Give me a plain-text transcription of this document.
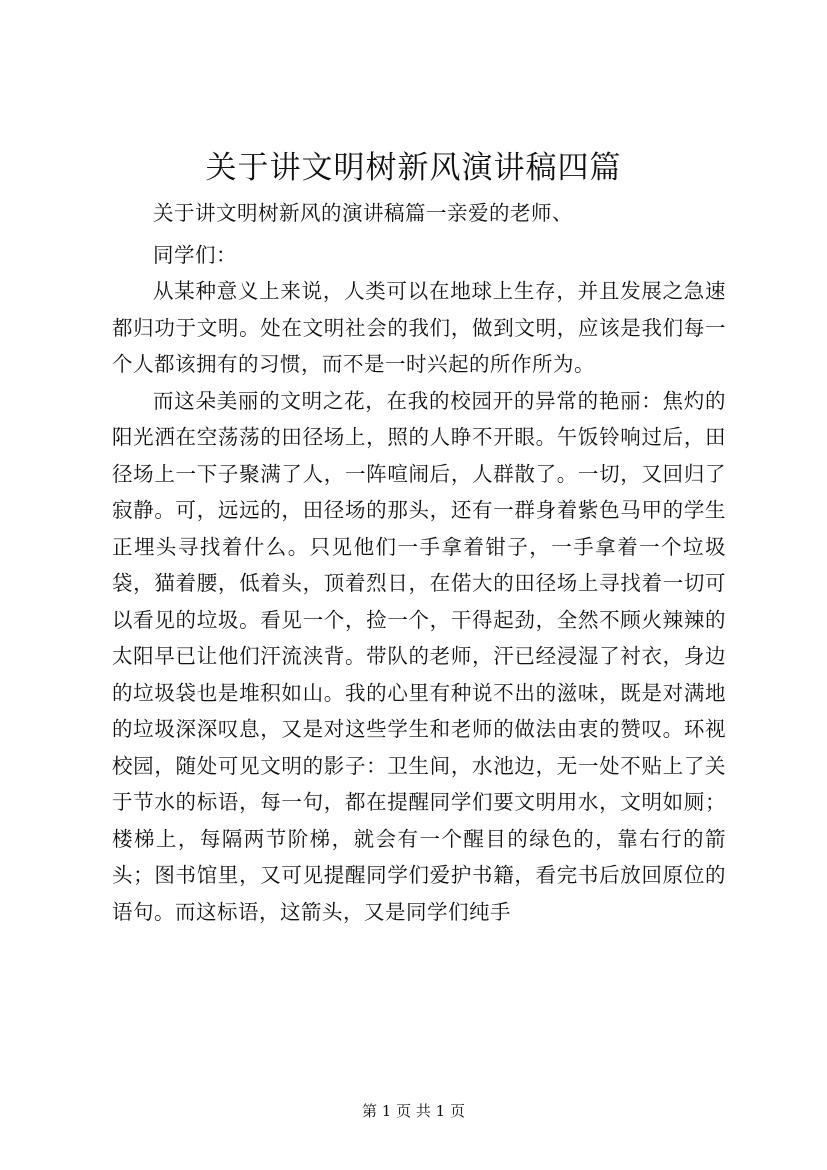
关于讲文明树新风演讲稿四篇

关于讲文明树新风的演讲稿篇一亲爱的老师、

同学们：

从某种意义上来说，人类可以在地球上生存，并且发展之急速都归功于文明。处在文明社会的我们，做到文明，应该是我们每一个人都该拥有的习惯，而不是一时兴起的所作所为。

而这朵美丽的文明之花，在我的校园开的异常的艳丽：焦灼的阳光洒在空荡荡的田径场上，照的人睁不开眼。午饭铃响过后，田径场上一下子聚满了人，一阵喧闹后，人群散了。一切，又回归了寂静。可，远远的，田径场的那头，还有一群身着紫色马甲的学生正埋头寻找着什么。只见他们一手拿着钳子，一手拿着一个垃圾袋，猫着腰，低着头，顶着烈日，在偌大的田径场上寻找着一切可以看见的垃圾。看见一个，捡一个，干得起劲，全然不顾火辣辣的太阳早已让他们汗流浃背。带队的老师，汗已经浸湿了衬衣，身边的垃圾袋也是堆积如山。我的心里有种说不出的滋味，既是对满地的垃圾深深叹息，又是对这些学生和老师的做法由衷的赞叹。环视校园，随处可见文明的影子：卫生间，水池边，无一处不贴上了关于节水的标语，每一句，都在提醒同学们要文明用水，文明如厕；楼梯上，每隔两节阶梯，就会有一个醒目的绿色的，靠右行的箭头；图书馆里，又可见提醒同学们爱护书籍，看完书后放回原位的语句。而这标语，这箭头，又是同学们纯手

第 1 页 共 1 页
